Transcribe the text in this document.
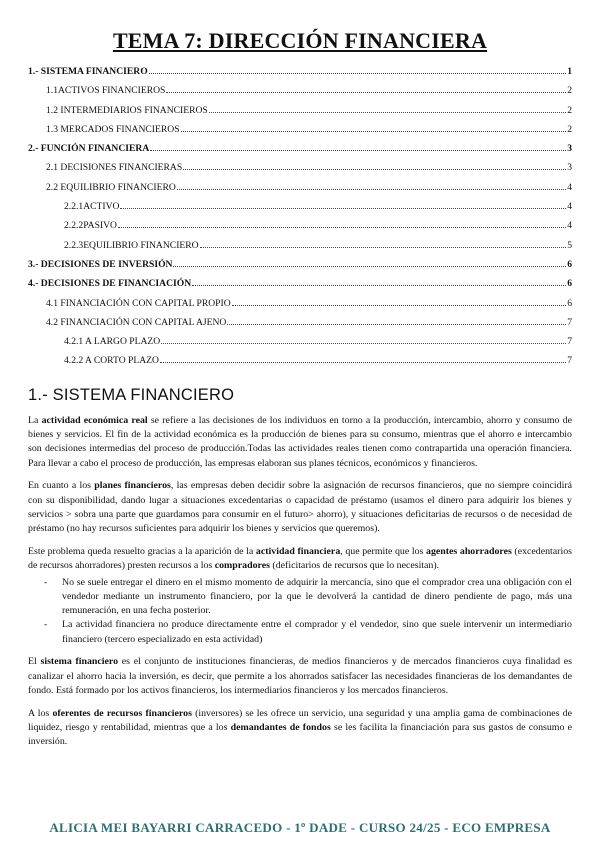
TEMA 7: DIRECCIÓN FINANCIERA
1.- SISTEMA FINANCIERO	1
1.1ACTIVOS FINANCIEROS	2
1.2 INTERMEDIARIOS FINANCIEROS	2
1.3 MERCADOS FINANCIEROS	2
2.- FUNCIÓN FINANCIERA	3
2.1 DECISIONES FINANCIERAS	3
2.2 EQUILIBRIO FINANCIERO	4
2.2.1ACTIVO	4
2.2.2PASIVO	4
2.2.3EQUILIBRIO FINANCIERO	5
3.- DECISIONES DE INVERSIÓN	6
4.- DECISIONES DE FINANCIACIÓN	6
4.1 FINANCIACIÓN CON CAPITAL PROPIO	6
4.2 FINANCIACIÓN CON CAPITAL AJENO	7
4.2.1 A LARGO PLAZO	7
4.2.2 A CORTO PLAZO	7
1.- SISTEMA FINANCIERO

La actividad económica real se refiere a las decisiones de los individuos en torno a la producción, intercambio, ahorro y consumo de bienes y servicios. El fin de la actividad económica es la producción de bienes para su consumo, mientras que el ahorro e intercambio son decisiones intermedias del proceso de producción.Todas las actividades reales tienen como contrapartida una operación financiera. Para llevar a cabo el proceso de producción, las empresas elaboran sus planes técnicos, económicos y financieros.

En cuanto a los planes financieros, las empresas deben decidir sobre la asignación de recursos financieros, que no siempre coincidirá con su disponibilidad, dando lugar a situaciones excedentarias o capacidad de préstamo (usamos el dinero para adquirir los bienes y servicios > sobra una parte que guardamos para consumir en el futuro> ahorro), y situaciones deficitarias de recursos o de necesidad de préstamo (no hay recursos suficientes para adquirir los bienes y servicios que queremos).

Este problema queda resuelto gracias a la aparición de la actividad financiera, que permite que los agentes ahorradores (excedentarios de recursos ahorradores) presten recursos a los compradores (deficitarios de recursos que lo necesitan).

- No se suele entregar el dinero en el mismo momento de adquirir la mercancía, sino que el comprador crea una obligación con el vendedor mediante un instrumento financiero, por la que le devolverá la cantidad de dinero pendiente de pago, más una remuneración, en una fecha posterior.
- La actividad financiera no produce directamente entre el comprador y el vendedor, sino que suele intervenir un intermediario financiero (tercero especializado en esta actividad)

El sistema financiero es el conjunto de instituciones financieras, de medios financieros y de mercados financieros cuya finalidad es canalizar el ahorro hacia la inversión, es decir, que permite a los ahorrados satisfacer las necesidades financieras de los demandantes de fondo. Está formado por los activos financieros, los intermediarios financieros y los mercados financieros.

A los oferentes de recursos financieros (inversores) se les ofrece un servicio, una seguridad y una amplia gama de combinaciones de liquidez, riesgo y rentabilidad, mientras que a los demandantes de fondos se les facilita la financiación para sus gastos de consumo e inversión.

ALICIA MEI BAYARRI CARRACEDO - 1º DADE - CURSO 24/25 - ECO EMPRESA
